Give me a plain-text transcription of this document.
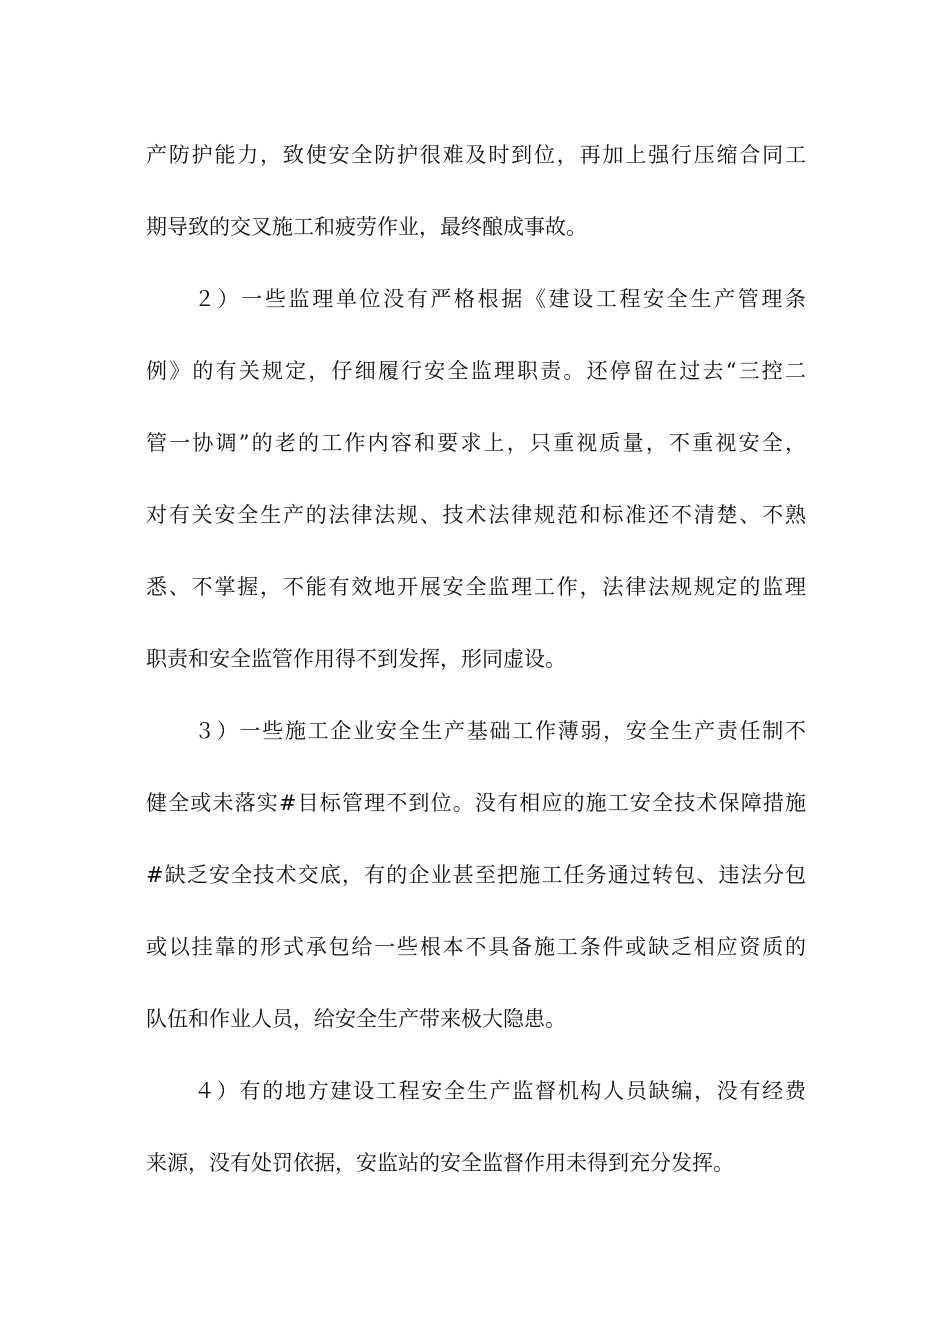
产防护能力，致使安全防护很难及时到位，再加上强行压缩合同工
期导致的交叉施工和疲劳作业，最终酿成事故。
２）一些监理单位没有严格根据《建设工程安全生产管理条
例》的有关规定，仔细履行安全监理职责。还停留在过去“三控二
管一协调”的老的工作内容和要求上，只重视质量，不重视安全，
对有关安全生产的法律法规、技术法律规范和标准还不清楚、不熟
悉、不掌握，不能有效地开展安全监理工作，法律法规规定的监理
职责和安全监管作用得不到发挥，形同虚设。
３）一些施工企业安全生产基础工作薄弱，安全生产责任制不
健全或未落实#目标管理不到位。没有相应的施工安全技术保障措施
#缺乏安全技术交底，有的企业甚至把施工任务通过转包、违法分包
或以挂靠的形式承包给一些根本不具备施工条件或缺乏相应资质的
队伍和作业人员，给安全生产带来极大隐患。
４）有的地方建设工程安全生产监督机构人员缺编，没有经费
来源，没有处罚依据，安监站的安全监督作用未得到充分发挥。
